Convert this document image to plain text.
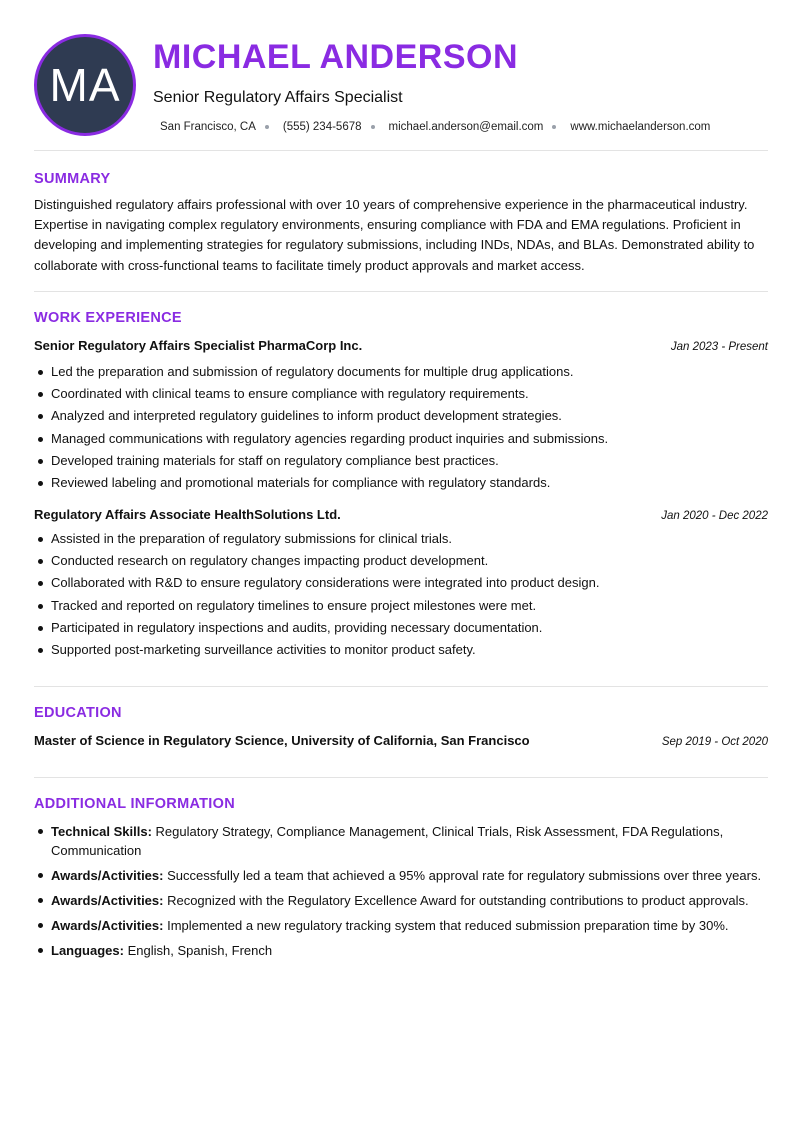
MA
MICHAEL ANDERSON
Senior Regulatory Affairs Specialist
San Francisco, CA (555) 234-5678 michael.anderson@email.com www.michaelanderson.com
SUMMARY

Distinguished regulatory affairs professional with over 10 years of comprehensive experience in the pharmaceutical industry. Expertise in navigating complex regulatory environments, ensuring compliance with FDA and EMA regulations. Proficient in developing and implementing strategies for regulatory submissions, including INDs, NDAs, and BLAs. Demonstrated ability to collaborate with cross-functional teams to facilitate timely product approvals and market access.

WORK EXPERIENCE
Senior Regulatory Affairs Specialist PharmaCorp Inc.	Jan 2023 - Present
Led the preparation and submission of regulatory documents for multiple drug applications.
Coordinated with clinical teams to ensure compliance with regulatory requirements.
Analyzed and interpreted regulatory guidelines to inform product development strategies.
Managed communications with regulatory agencies regarding product inquiries and submissions.
Developed training materials for staff on regulatory compliance best practices.
Reviewed labeling and promotional materials for compliance with regulatory standards.
Regulatory Affairs Associate HealthSolutions Ltd.	Jan 2020 - Dec 2022
Assisted in the preparation of regulatory submissions for clinical trials.
Conducted research on regulatory changes impacting product development.
Collaborated with R&D to ensure regulatory considerations were integrated into product design.
Tracked and reported on regulatory timelines to ensure project milestones were met.
Participated in regulatory inspections and audits, providing necessary documentation.
Supported post-marketing surveillance activities to monitor product safety.
EDUCATION
Master of Science in Regulatory Science, University of California, San Francisco	Sep 2019 - Oct 2020
ADDITIONAL INFORMATION
Technical Skills: Regulatory Strategy, Compliance Management, Clinical Trials, Risk Assessment, FDA Regulations, Communication
Awards/Activities: Successfully led a team that achieved a 95% approval rate for regulatory submissions over three years.
Awards/Activities: Recognized with the Regulatory Excellence Award for outstanding contributions to product approvals.
Awards/Activities: Implemented a new regulatory tracking system that reduced submission preparation time by 30%.
Languages: English, Spanish, French
